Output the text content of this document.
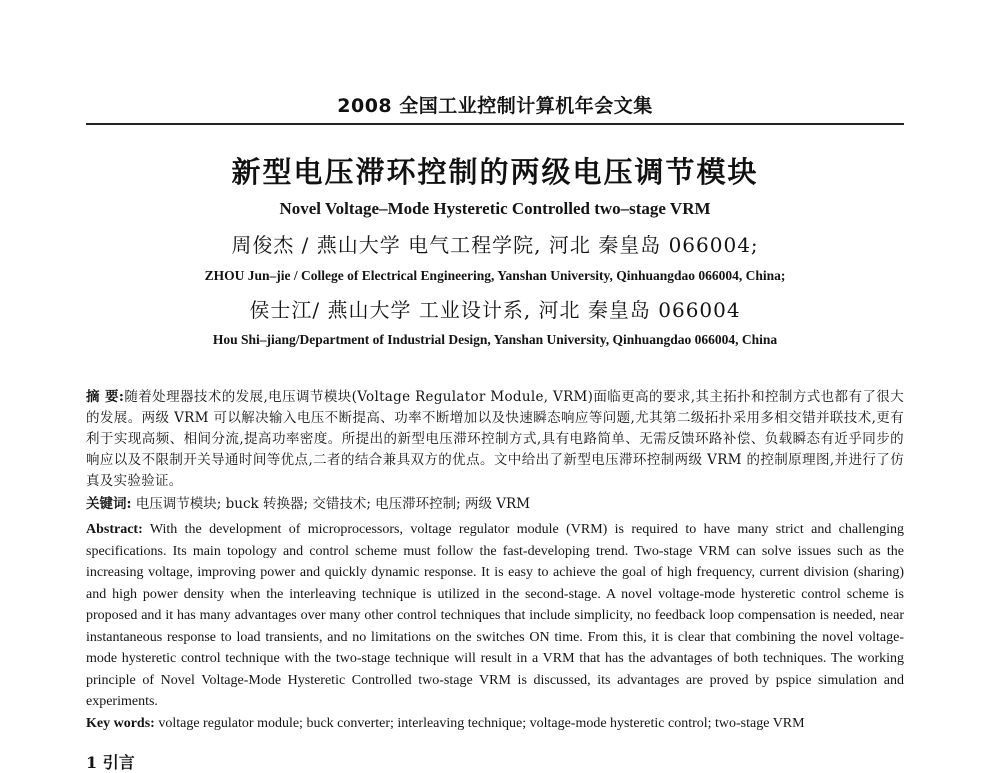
2008 全国工业控制计算机年会文集
新型电压滞环控制的两级电压调节模块
Novel Voltage–Mode Hysteretic Controlled two–stage VRM
周俊杰 / 燕山大学 电气工程学院, 河北 秦皇岛 066004;
ZHOU Jun–jie / College of Electrical Engineering, Yanshan University, Qinhuangdao 066004, China;
侯士江/ 燕山大学 工业设计系, 河北 秦皇岛 066004
Hou Shi–jiang/Department of Industrial Design, Yanshan University, Qinhuangdao 066004, China
摘 要:随着处理器技术的发展,电压调节模块(Voltage Regulator Module, VRM)面临更高的要求,其主拓扑和控制方式也都有了很大的发展。两级 VRM 可以解决输入电压不断提高、功率不断增加以及快速瞬态响应等问题,尤其第二级拓扑采用多相交错并联技术,更有利于实现高频、相间分流,提高功率密度。所提出的新型电压滞环控制方式,具有电路简单、无需反馈环路补偿、负载瞬态有近乎同步的响应以及不限制开关导通时间等优点,二者的结合兼具双方的优点。文中给出了新型电压滞环控制两级 VRM 的控制原理图,并进行了仿真及实验验证。
关键词: 电压调节模块; buck 转换器; 交错技术; 电压滞环控制; 两级 VRM
Abstract: With the development of microprocessors, voltage regulator module (VRM) is required to have many strict and challenging specifications. Its main topology and control scheme must follow the fast-developing trend. Two-stage VRM can solve issues such as the increasing voltage, improving power and quickly dynamic response. It is easy to achieve the goal of high frequency, current division (sharing) and high power density when the interleaving technique is utilized in the second-stage. A novel voltage-mode hysteretic control scheme is proposed and it has many advantages over many other control techniques that include simplicity, no feedback loop compensation is needed, near instantaneous response to load transients, and no limitations on the switches ON time. From this, it is clear that combining the novel voltage-mode hysteretic control technique with the two-stage technique will result in a VRM that has the advantages of both techniques. The working principle of Novel Voltage-Mode Hysteretic Controlled two-stage VRM is discussed, its advantages are proved by pspice simulation and experiments.
Key words: voltage regulator module; buck converter; interleaving technique; voltage-mode hysteretic control; two-stage VRM
1 引言
